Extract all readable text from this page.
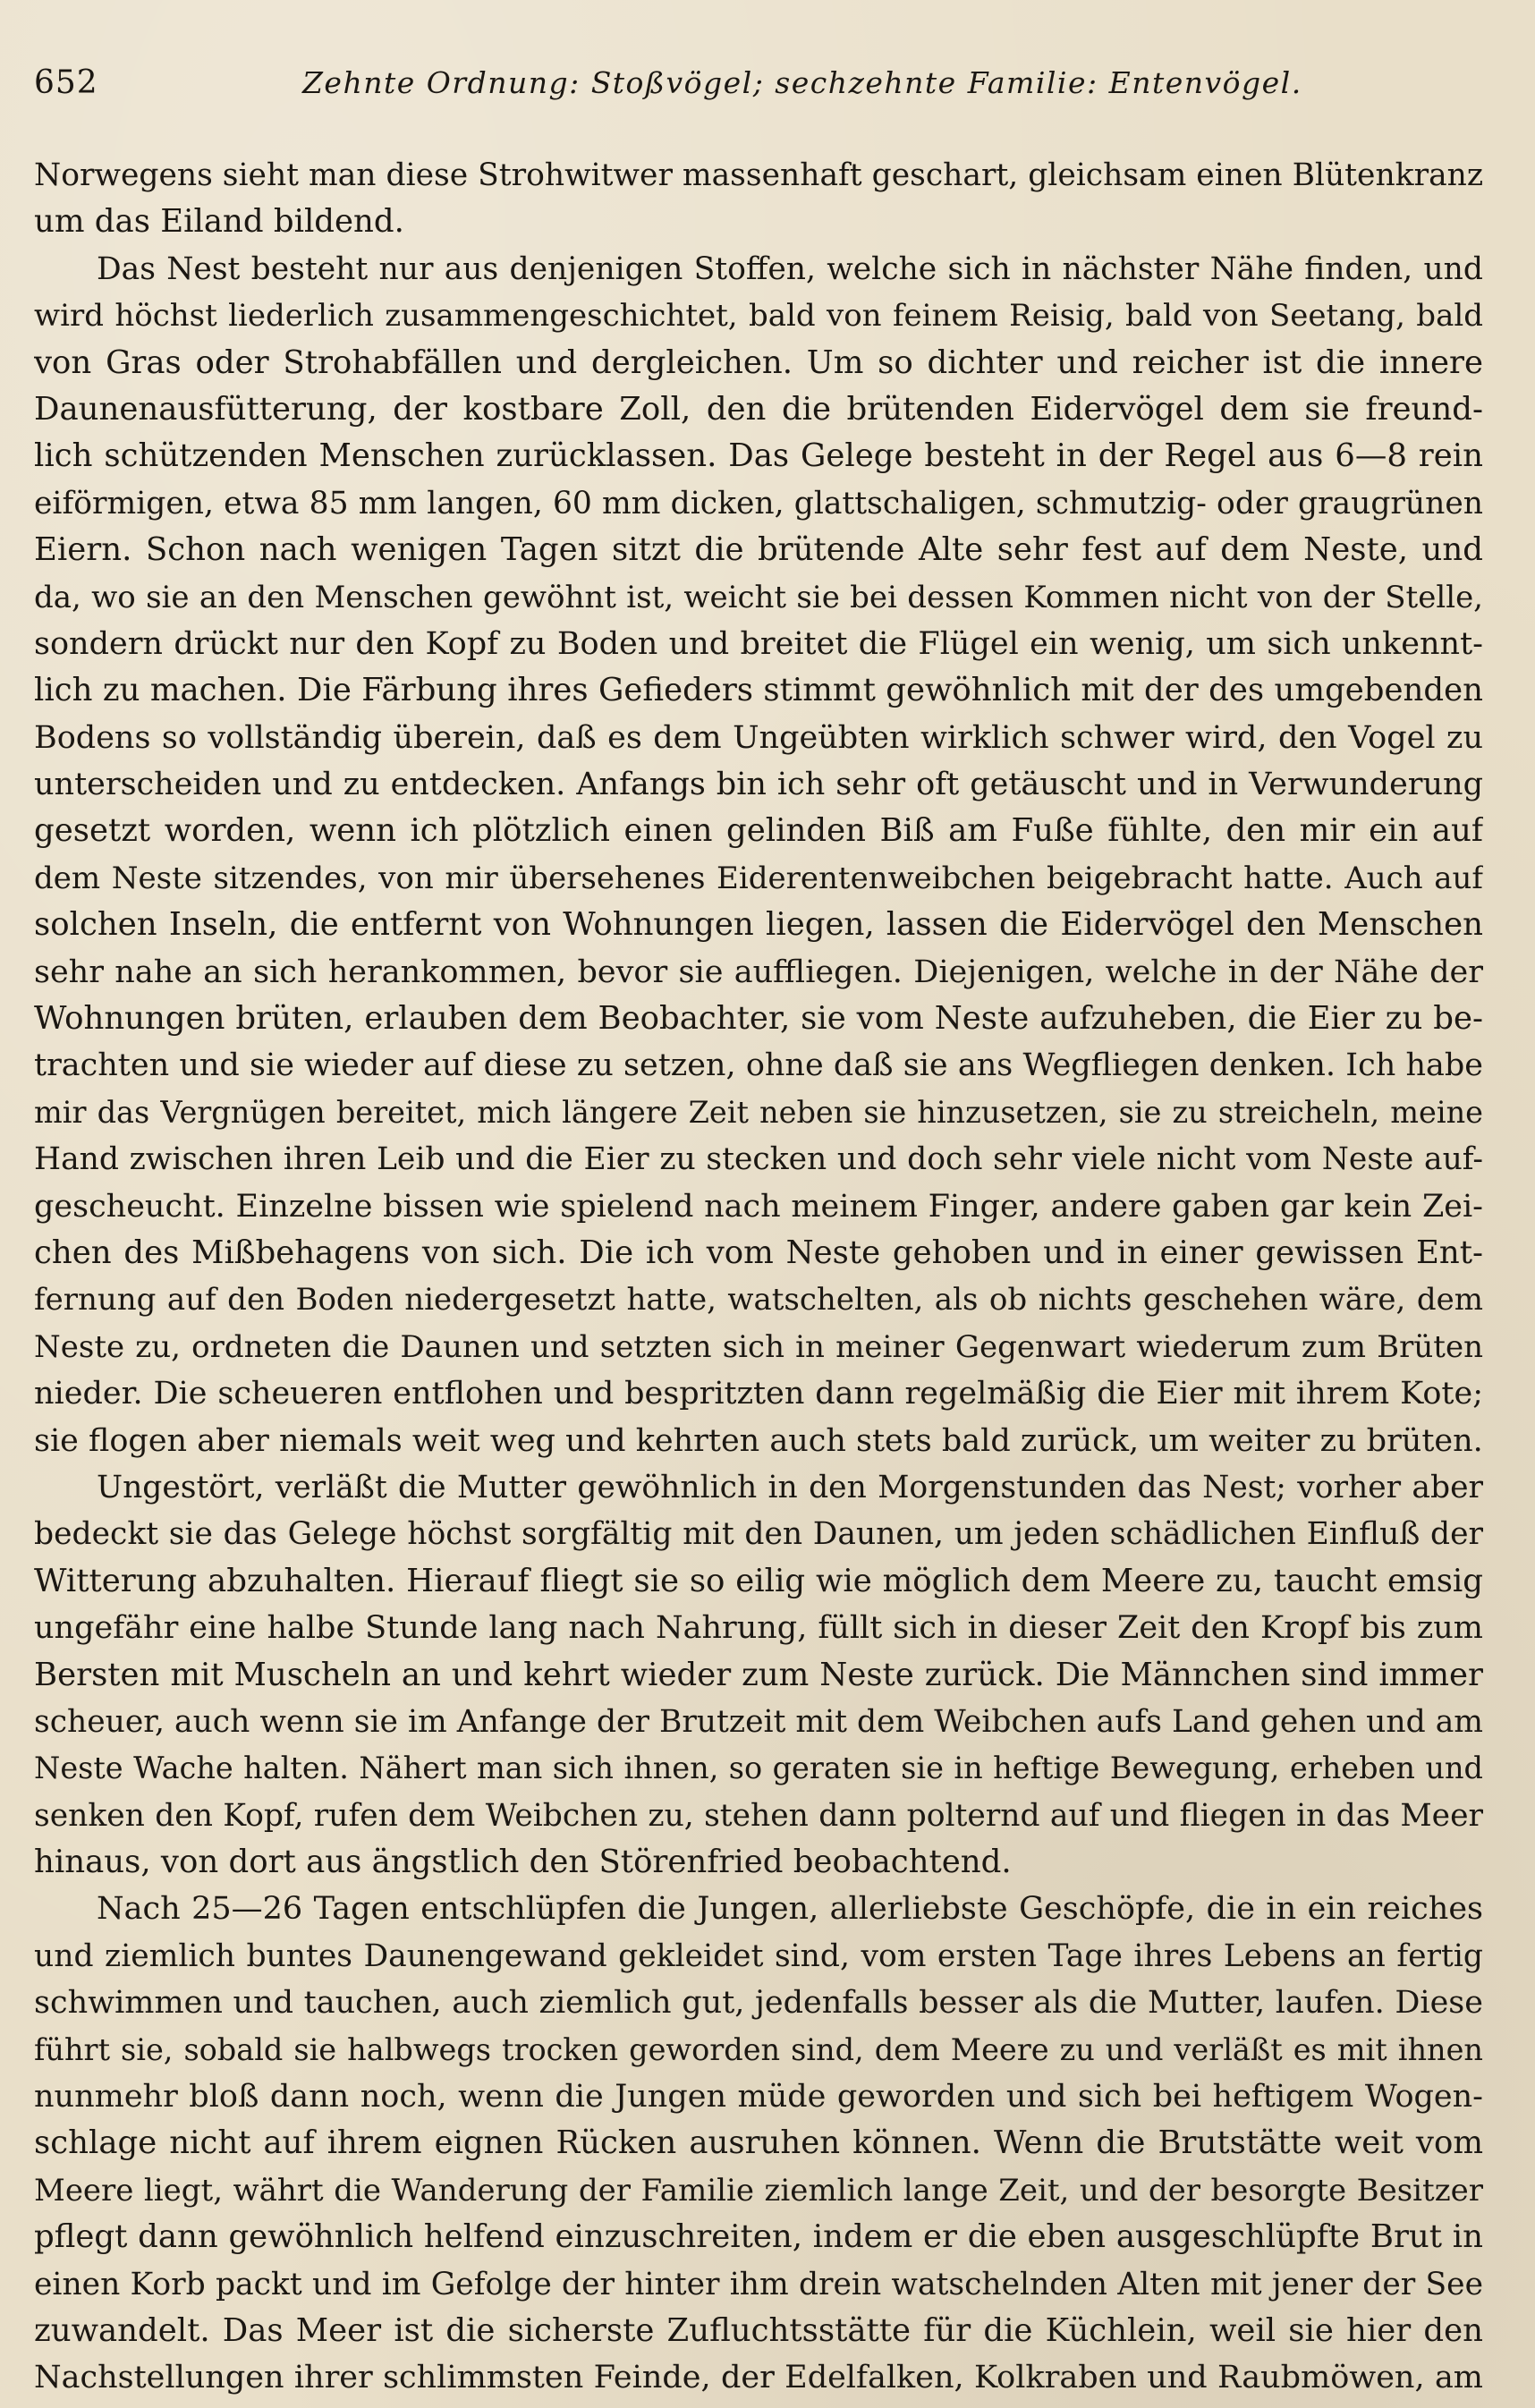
652	Zehnte Ordnung: Stoßvögel; sechzehnte Familie: Entenvögel.
Norwegens sieht man diese Strohwitwer massenhaft geschart, gleichsam einen Blütenkranz
um das Eiland bildend.
Das Nest besteht nur aus denjenigen Stoffen, welche sich in nächster Nähe finden, und
wird höchst liederlich zusammengeschichtet, bald von feinem Reisig, bald von Seetang, bald
von Gras oder Strohabfällen und dergleichen. Um so dichter und reicher ist die innere
Daunenausfütterung, der kostbare Zoll, den die brütenden Eidervögel dem sie freund-
lich schützenden Menschen zurücklassen. Das Gelege besteht in der Regel aus 6—8 rein
eiförmigen, etwa 85 mm langen, 60 mm dicken, glattschaligen, schmutzig- oder graugrünen
Eiern. Schon nach wenigen Tagen sitzt die brütende Alte sehr fest auf dem Neste, und
da, wo sie an den Menschen gewöhnt ist, weicht sie bei dessen Kommen nicht von der Stelle,
sondern drückt nur den Kopf zu Boden und breitet die Flügel ein wenig, um sich unkennt-
lich zu machen. Die Färbung ihres Gefieders stimmt gewöhnlich mit der des umgebenden
Bodens so vollständig überein, daß es dem Ungeübten wirklich schwer wird, den Vogel zu
unterscheiden und zu entdecken. Anfangs bin ich sehr oft getäuscht und in Verwunderung
gesetzt worden, wenn ich plötzlich einen gelinden Biß am Fuße fühlte, den mir ein auf
dem Neste sitzendes, von mir übersehenes Eiderentenweibchen beigebracht hatte. Auch auf
solchen Inseln, die entfernt von Wohnungen liegen, lassen die Eidervögel den Menschen
sehr nahe an sich herankommen, bevor sie auffliegen. Diejenigen, welche in der Nähe der
Wohnungen brüten, erlauben dem Beobachter, sie vom Neste aufzuheben, die Eier zu be-
trachten und sie wieder auf diese zu setzen, ohne daß sie ans Wegfliegen denken. Ich habe
mir das Vergnügen bereitet, mich längere Zeit neben sie hinzusetzen, sie zu streicheln, meine
Hand zwischen ihren Leib und die Eier zu stecken und doch sehr viele nicht vom Neste auf-
gescheucht. Einzelne bissen wie spielend nach meinem Finger, andere gaben gar kein Zei-
chen des Mißbehagens von sich. Die ich vom Neste gehoben und in einer gewissen Ent-
fernung auf den Boden niedergesetzt hatte, watschelten, als ob nichts geschehen wäre, dem
Neste zu, ordneten die Daunen und setzten sich in meiner Gegenwart wiederum zum Brüten
nieder. Die scheueren entflohen und bespritzten dann regelmäßig die Eier mit ihrem Kote;
sie flogen aber niemals weit weg und kehrten auch stets bald zurück, um weiter zu brüten.
Ungestört, verläßt die Mutter gewöhnlich in den Morgenstunden das Nest; vorher aber
bedeckt sie das Gelege höchst sorgfältig mit den Daunen, um jeden schädlichen Einfluß der
Witterung abzuhalten. Hierauf fliegt sie so eilig wie möglich dem Meere zu, taucht emsig
ungefähr eine halbe Stunde lang nach Nahrung, füllt sich in dieser Zeit den Kropf bis zum
Bersten mit Muscheln an und kehrt wieder zum Neste zurück. Die Männchen sind immer
scheuer, auch wenn sie im Anfange der Brutzeit mit dem Weibchen aufs Land gehen und am
Neste Wache halten. Nähert man sich ihnen, so geraten sie in heftige Bewegung, erheben und
senken den Kopf, rufen dem Weibchen zu, stehen dann polternd auf und fliegen in das Meer
hinaus, von dort aus ängstlich den Störenfried beobachtend.
Nach 25—26 Tagen entschlüpfen die Jungen, allerliebste Geschöpfe, die in ein reiches
und ziemlich buntes Daunengewand gekleidet sind, vom ersten Tage ihres Lebens an fertig
schwimmen und tauchen, auch ziemlich gut, jedenfalls besser als die Mutter, laufen. Diese
führt sie, sobald sie halbwegs trocken geworden sind, dem Meere zu und verläßt es mit ihnen
nunmehr bloß dann noch, wenn die Jungen müde geworden und sich bei heftigem Wogen-
schlage nicht auf ihrem eignen Rücken ausruhen können. Wenn die Brutstätte weit vom
Meere liegt, währt die Wanderung der Familie ziemlich lange Zeit, und der besorgte Besitzer
pflegt dann gewöhnlich helfend einzuschreiten, indem er die eben ausgeschlüpfte Brut in
einen Korb packt und im Gefolge der hinter ihm drein watschelnden Alten mit jener der See
zuwandelt. Das Meer ist die sicherste Zufluchtsstätte für die Küchlein, weil sie hier den
Nachstellungen ihrer schlimmsten Feinde, der Edelfalken, Kolkraben und Raubmöwen, am
